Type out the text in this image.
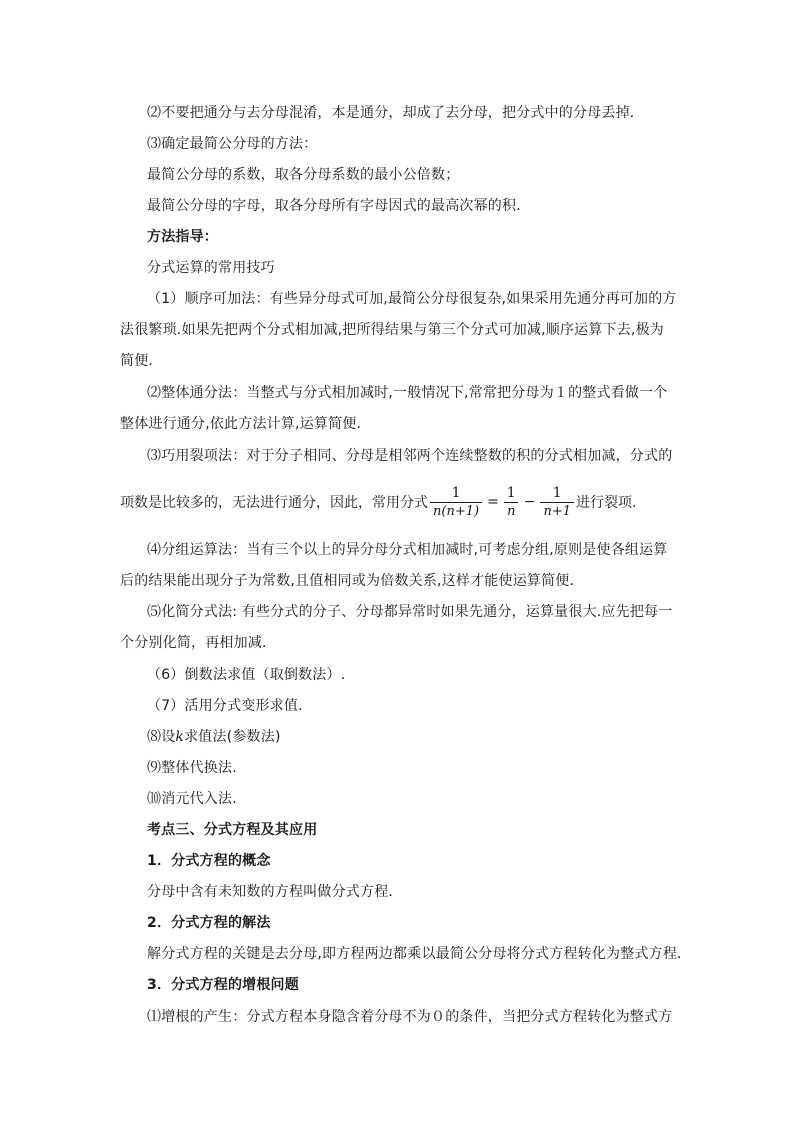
⑵不要把通分与去分母混淆，本是通分，却成了去分母，把分式中的分母丢掉．
⑶确定最简公分母的方法：
最简公分母的系数，取各分母系数的最小公倍数；
最简公分母的字母，取各分母所有字母因式的最高次幂的积．
方法指导：
分式运算的常用技巧
（1）顺序可加法：有些异分母式可加,最简公分母很复杂,如果采用先通分再可加的方
法很繁琐.如果先把两个分式相加减,把所得结果与第三个分式可加减,顺序运算下去,极为
简便.
⑵整体通分法：当整式与分式相加减时,一般情况下,常常把分母为１的整式看做一个
整体进行通分,依此方法计算,运算简便.
⑶巧用裂项法：对于分子相同、分母是相邻两个连续整数的积的分式相加减，分式的
项数是比较多的，无法进行通分，因此，常用分式 $\frac{1}{n(n+1)} = \frac{1}{n} - \frac{1}{n+1}$ 进行裂项.
⑷分组运算法：当有三个以上的异分母分式相加减时,可考虑分组,原则是使各组运算
后的结果能出现分子为常数,且值相同或为倍数关系,这样才能使运算简便.
⑸化简分式法: 有些分式的分子、分母都异常时如果先通分，运算量很大.应先把每一
个分别化简，再相加减.
（6）倒数法求值（取倒数法）.
（7）活用分式变形求值.
⑻设k求值法(参数法)
⑼整体代换法.
⑽消元代入法.
考点三、分式方程及其应用
1．分式方程的概念
分母中含有未知数的方程叫做分式方程．
2．分式方程的解法
解分式方程的关键是去分母,即方程两边都乘以最简公分母将分式方程转化为整式方程．
3．分式方程的增根问题
⑴增根的产生：分式方程本身隐含着分母不为０的条件，当把分式方程转化为整式方
